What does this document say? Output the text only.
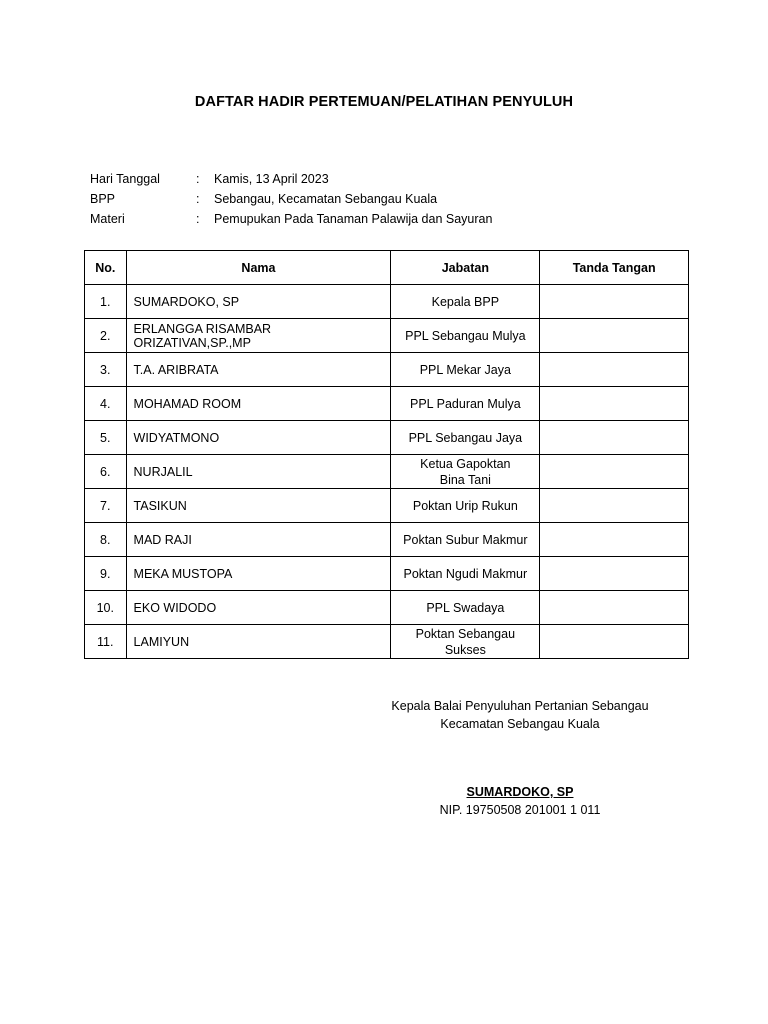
DAFTAR HADIR PERTEMUAN/PELATIHAN PENYULUH
Hari Tanggal	:	Kamis, 13 April 2023
BPP	:	Sebangau, Kecamatan Sebangau Kuala
Materi	:	Pemupukan Pada Tanaman Palawija dan Sayuran
No.	Nama	Jabatan	Tanda Tangan
1.	SUMARDOKO, SP	Kepala BPP	

2.	ERLANGGA RISAMBAR ORIZATIVAN,SP.,MP	PPL Sebangau Mulya	

3.	T.A. ARIBRATA	PPL Mekar Jaya	

4.	MOHAMAD ROOM	PPL Paduran Mulya	

5.	WIDYATMONO	PPL Sebangau Jaya	

6.	NURJALIL	Ketua Gapoktan
Bina Tani	

7.	TASIKUN	Poktan Urip Rukun	

8.	MAD RAJI	Poktan Subur Makmur	

9.	MEKA MUSTOPA	Poktan Ngudi Makmur	

10.	EKO WIDODO	PPL Swadaya	

11.	LAMIYUN	Poktan Sebangau
Sukses	

Kepala Balai Penyuluhan Pertanian Sebangau
Kecamatan Sebangau Kuala
SUMARDOKO, SP
NIP. 19750508 201001 1 011
